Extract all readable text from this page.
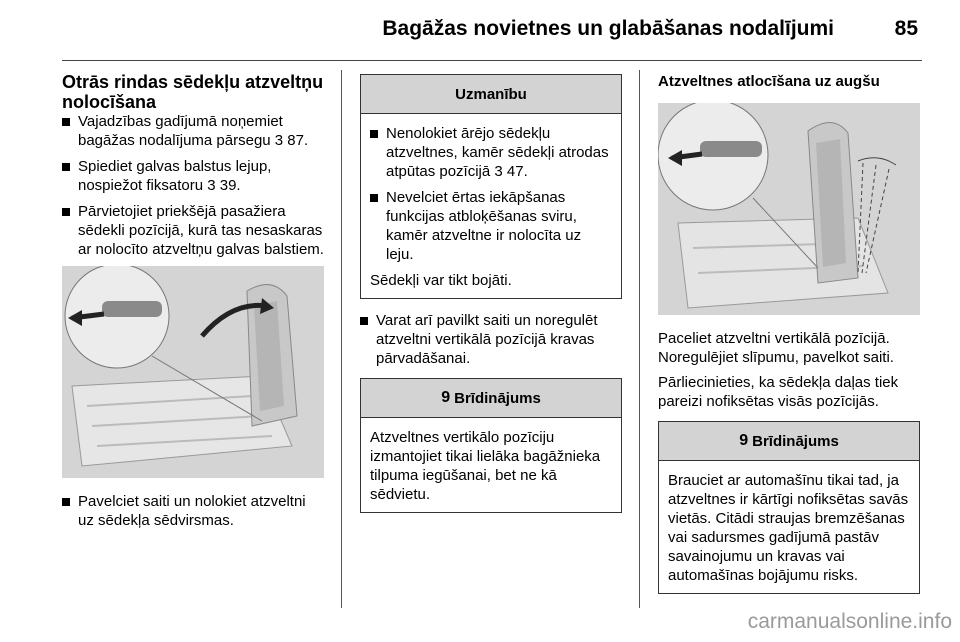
Bagāžas novietnes un glabāšanas nodalījumi	85
Otrās rindas sēdekļu atzveltņu nolocīšana
Vajadzības gadījumā noņemiet bagāžas nodalījuma pārsegu 3 87.
Spiediet galvas balstus lejup, nospiežot fiksatoru 3 39.
Pārvietojiet priekšējā pasažiera sēdekli pozīcijā, kurā tas nesaskaras ar nolocīto atzveltņu galvas balstiem.
Pavelciet saiti un nolokiet atzveltni uz sēdekļa sēdvirsmas.
Uzmanību
Nenolokiet ārējo sēdekļu atzveltnes, kamēr sēdekļi atrodas atpūtas pozīcijā 3 47.
Nevelciet ērtas iekāpšanas funkcijas atbloķēšanas sviru, kamēr atzveltne ir nolocīta uz leju.
Sēdekļi var tikt bojāti.
Varat arī pavilkt saiti un noregulēt atzveltni vertikālā pozīcijā kravas pārvadāšanai.
9 Brīdinājums
Atzveltnes vertikālo pozīciju izmantojiet tikai lielāka bagāžnieka tilpuma iegūšanai, bet ne kā sēdvietu.
Atzveltnes atlocīšana uz augšu
Paceliet atzveltni vertikālā pozīcijā. Noregulējiet slīpumu, pavelkot saiti.
Pārliecinieties, ka sēdekļa daļas tiek pareizi nofiksētas visās pozīcijās.
9 Brīdinājums
Brauciet ar automašīnu tikai tad, ja atzveltnes ir kārtīgi nofiksētas savās vietās. Citādi straujas bremzēšanas vai sadursmes gadījumā pastāv savainojumu un kravas vai automašīnas bojājumu risks.
carmanualsonline.info
